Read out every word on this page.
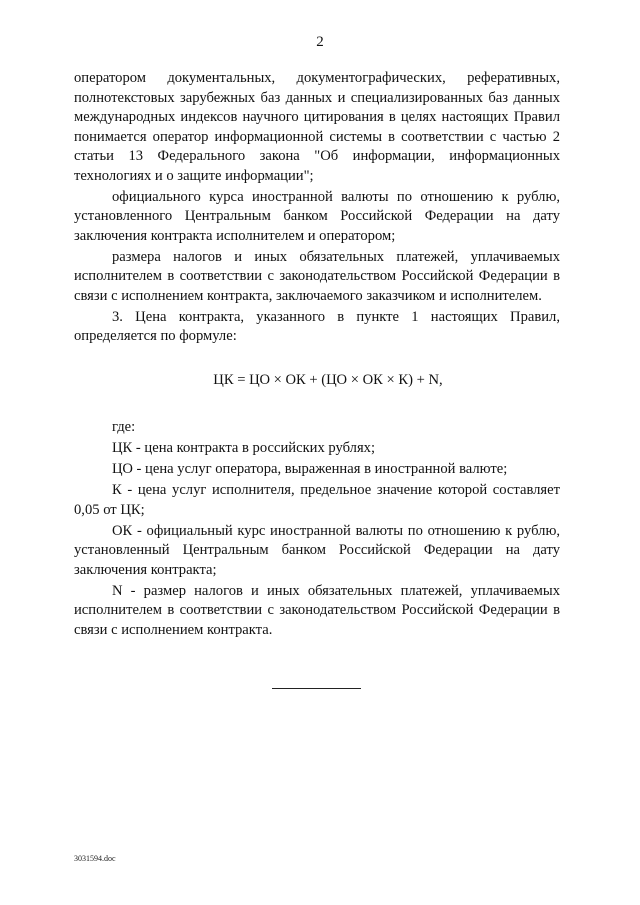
2

оператором документальных, документографических, реферативных, полнотекстовых зарубежных баз данных и специализированных баз данных международных индексов научного цитирования в целях настоящих Правил понимается оператор информационной системы в соответствии с частью 2 статьи 13 Федерального закона "Об информации, информационных технологиях и о защите информации";

официального курса иностранной валюты по отношению к рублю, установленного Центральным банком Российской Федерации на дату заключения контракта исполнителем и оператором;

размера налогов и иных обязательных платежей, уплачиваемых исполнителем в соответствии с законодательством Российской Федерации в связи с исполнением контракта, заключаемого заказчиком и исполнителем.

3. Цена контракта, указанного в пункте 1 настоящих Правил, определяется по формуле:

ЦК = ЦО × ОК + (ЦО × ОК × К) + N,

где:

ЦК - цена контракта в российских рублях;

ЦО - цена услуг оператора, выраженная в иностранной валюте;

К - цена услуг исполнителя, предельное значение которой составляет 0,05 от ЦК;

ОК - официальный курс иностранной валюты по отношению к рублю, установленный Центральным банком Российской Федерации на дату заключения контракта;

N - размер налогов и иных обязательных платежей, уплачиваемых исполнителем в соответствии с законодательством Российской Федерации в связи с исполнением контракта.

3031594.doc
